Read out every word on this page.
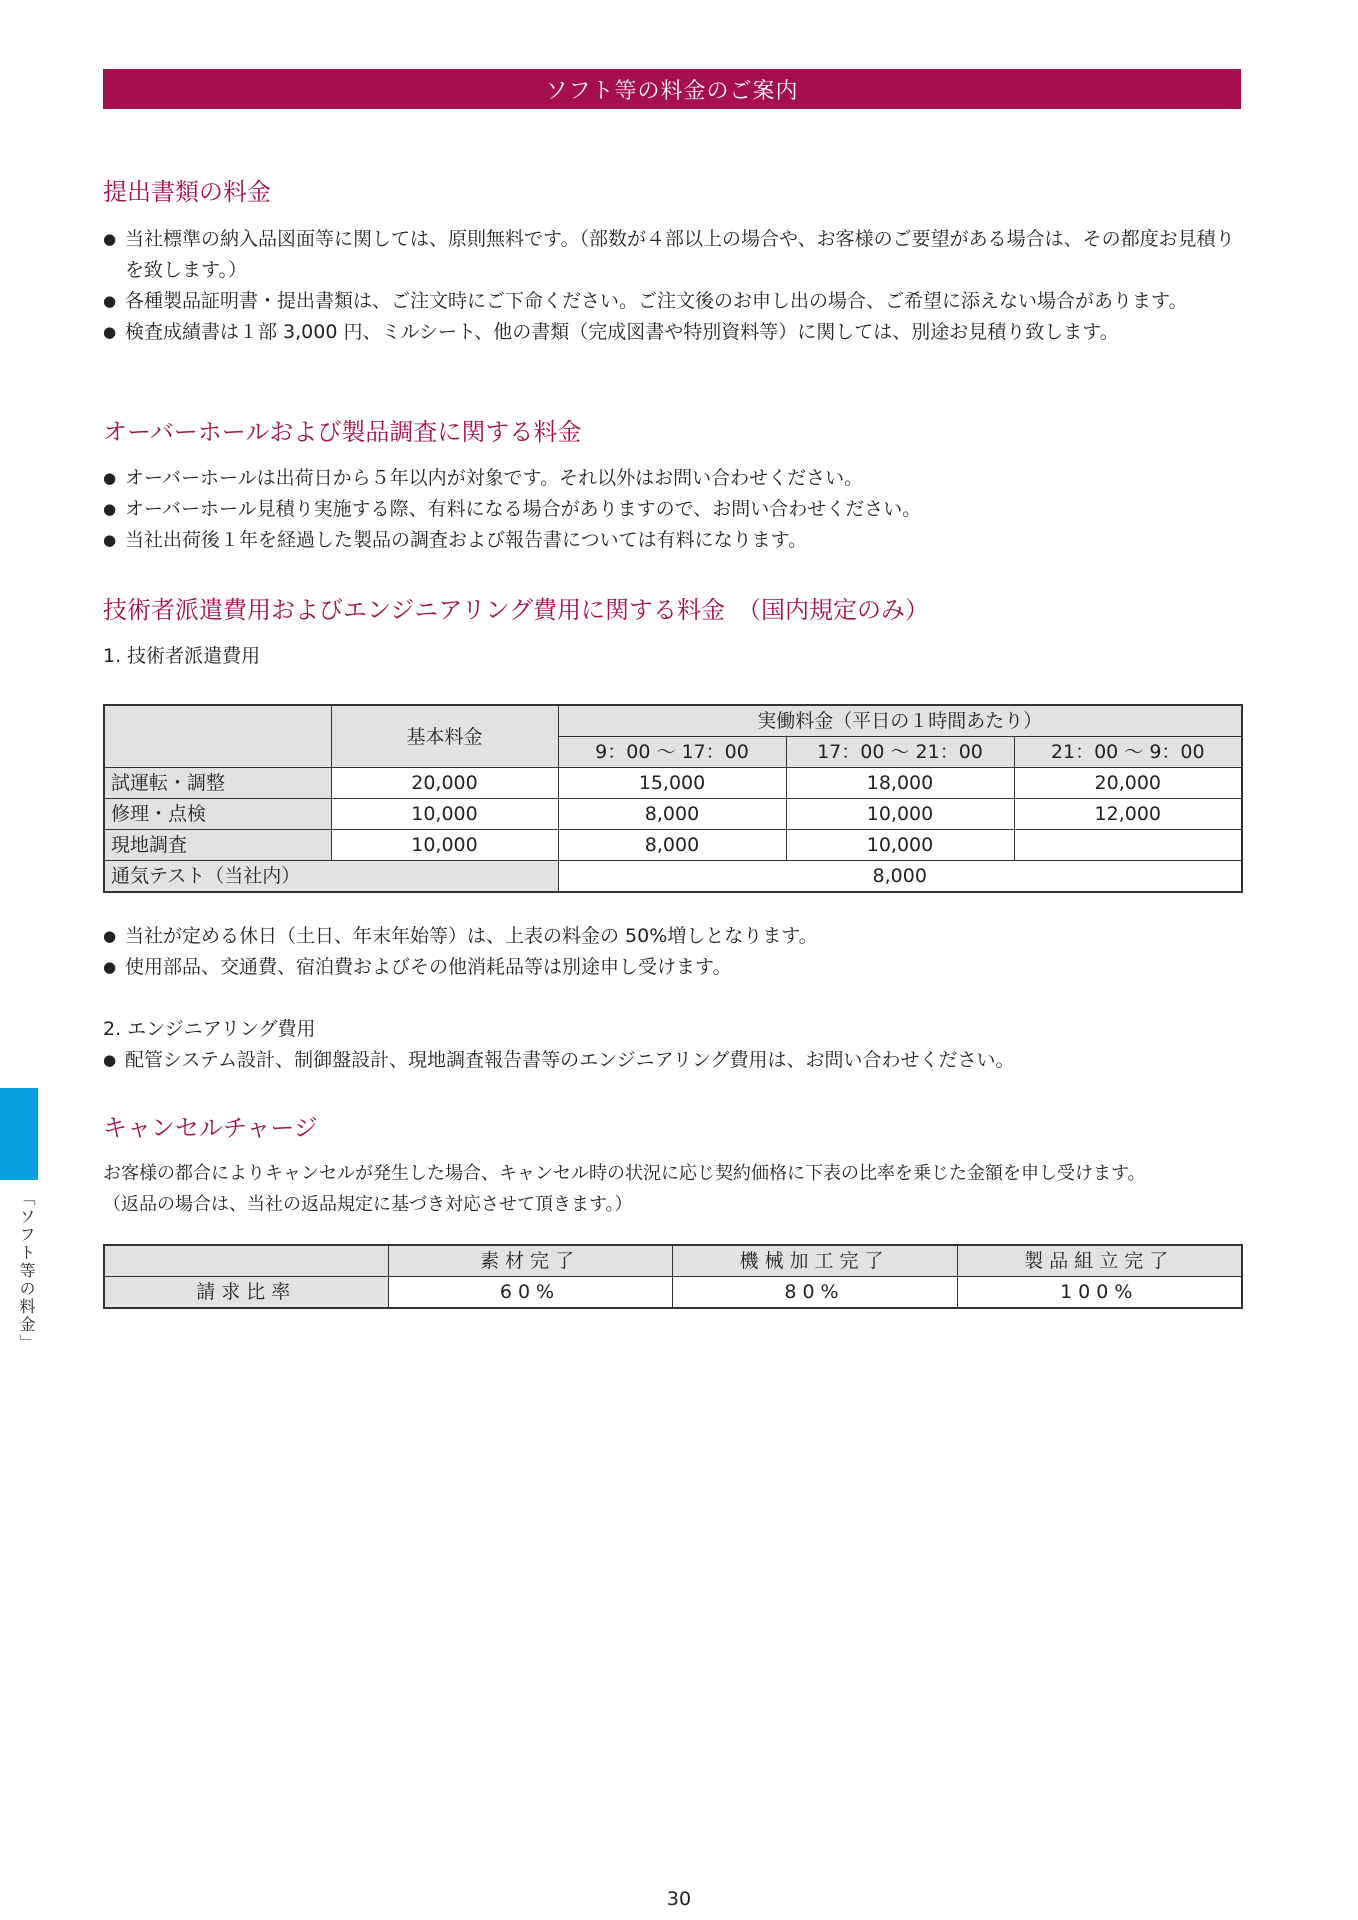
ソフト等の料金のご案内
提出書類の料金
● 当社標準の納入品図面等に関しては、原則無料です。（部数が４部以上の場合や、お客様のご要望がある場合は、その都度お見積りを致します。）
● 各種製品証明書・提出書類は、ご注文時にご下命ください。ご注文後のお申し出の場合、ご希望に添えない場合があります。
● 検査成績書は１部 3,000 円、ミルシート、他の書類（完成図書や特別資料等）に関しては、別途お見積り致します。
オーバーホールおよび製品調査に関する料金
● オーバーホールは出荷日から５年以内が対象です。それ以外はお問い合わせください。
● オーバーホール見積り実施する際、有料になる場合がありますので、お問い合わせください。
● 当社出荷後１年を経過した製品の調査および報告書については有料になります。
技術者派遣費用およびエンジニアリング費用に関する料金　（国内規定のみ）
1. 技術者派遣費用
	基本料金	実働料金（平日の１時間あたり）		
		9：00 ～ 17：00	17：00 ～ 21：00	21：00 ～ 9：00
試運転・調整	20,000	15,000	18,000	20,000
修理・点検	10,000	8,000	10,000	12,000
現地調査	10,000	8,000	10,000	
通気テスト（当社内）		8,000		
● 当社が定める休日（土日、年末年始等）は、上表の料金の 50%増しとなります。
● 使用部品、交通費、宿泊費およびその他消耗品等は別途申し受けます。
2. エンジニアリング費用
● 配管システム設計、制御盤設計、現地調査報告書等のエンジニアリング費用は、お問い合わせください。
キャンセルチャージ

お客様の都合によりキャンセルが発生した場合、キャンセル時の状況に応じ契約価格に下表の比率を乗じた金額を申し受けます。

（返品の場合は、当社の返品規定に基づき対応させて頂きます。）

	素材完了	機械加工完了	製品組立完了
請求比率	60%	80%	100%
「ソフト等の料金」
30
